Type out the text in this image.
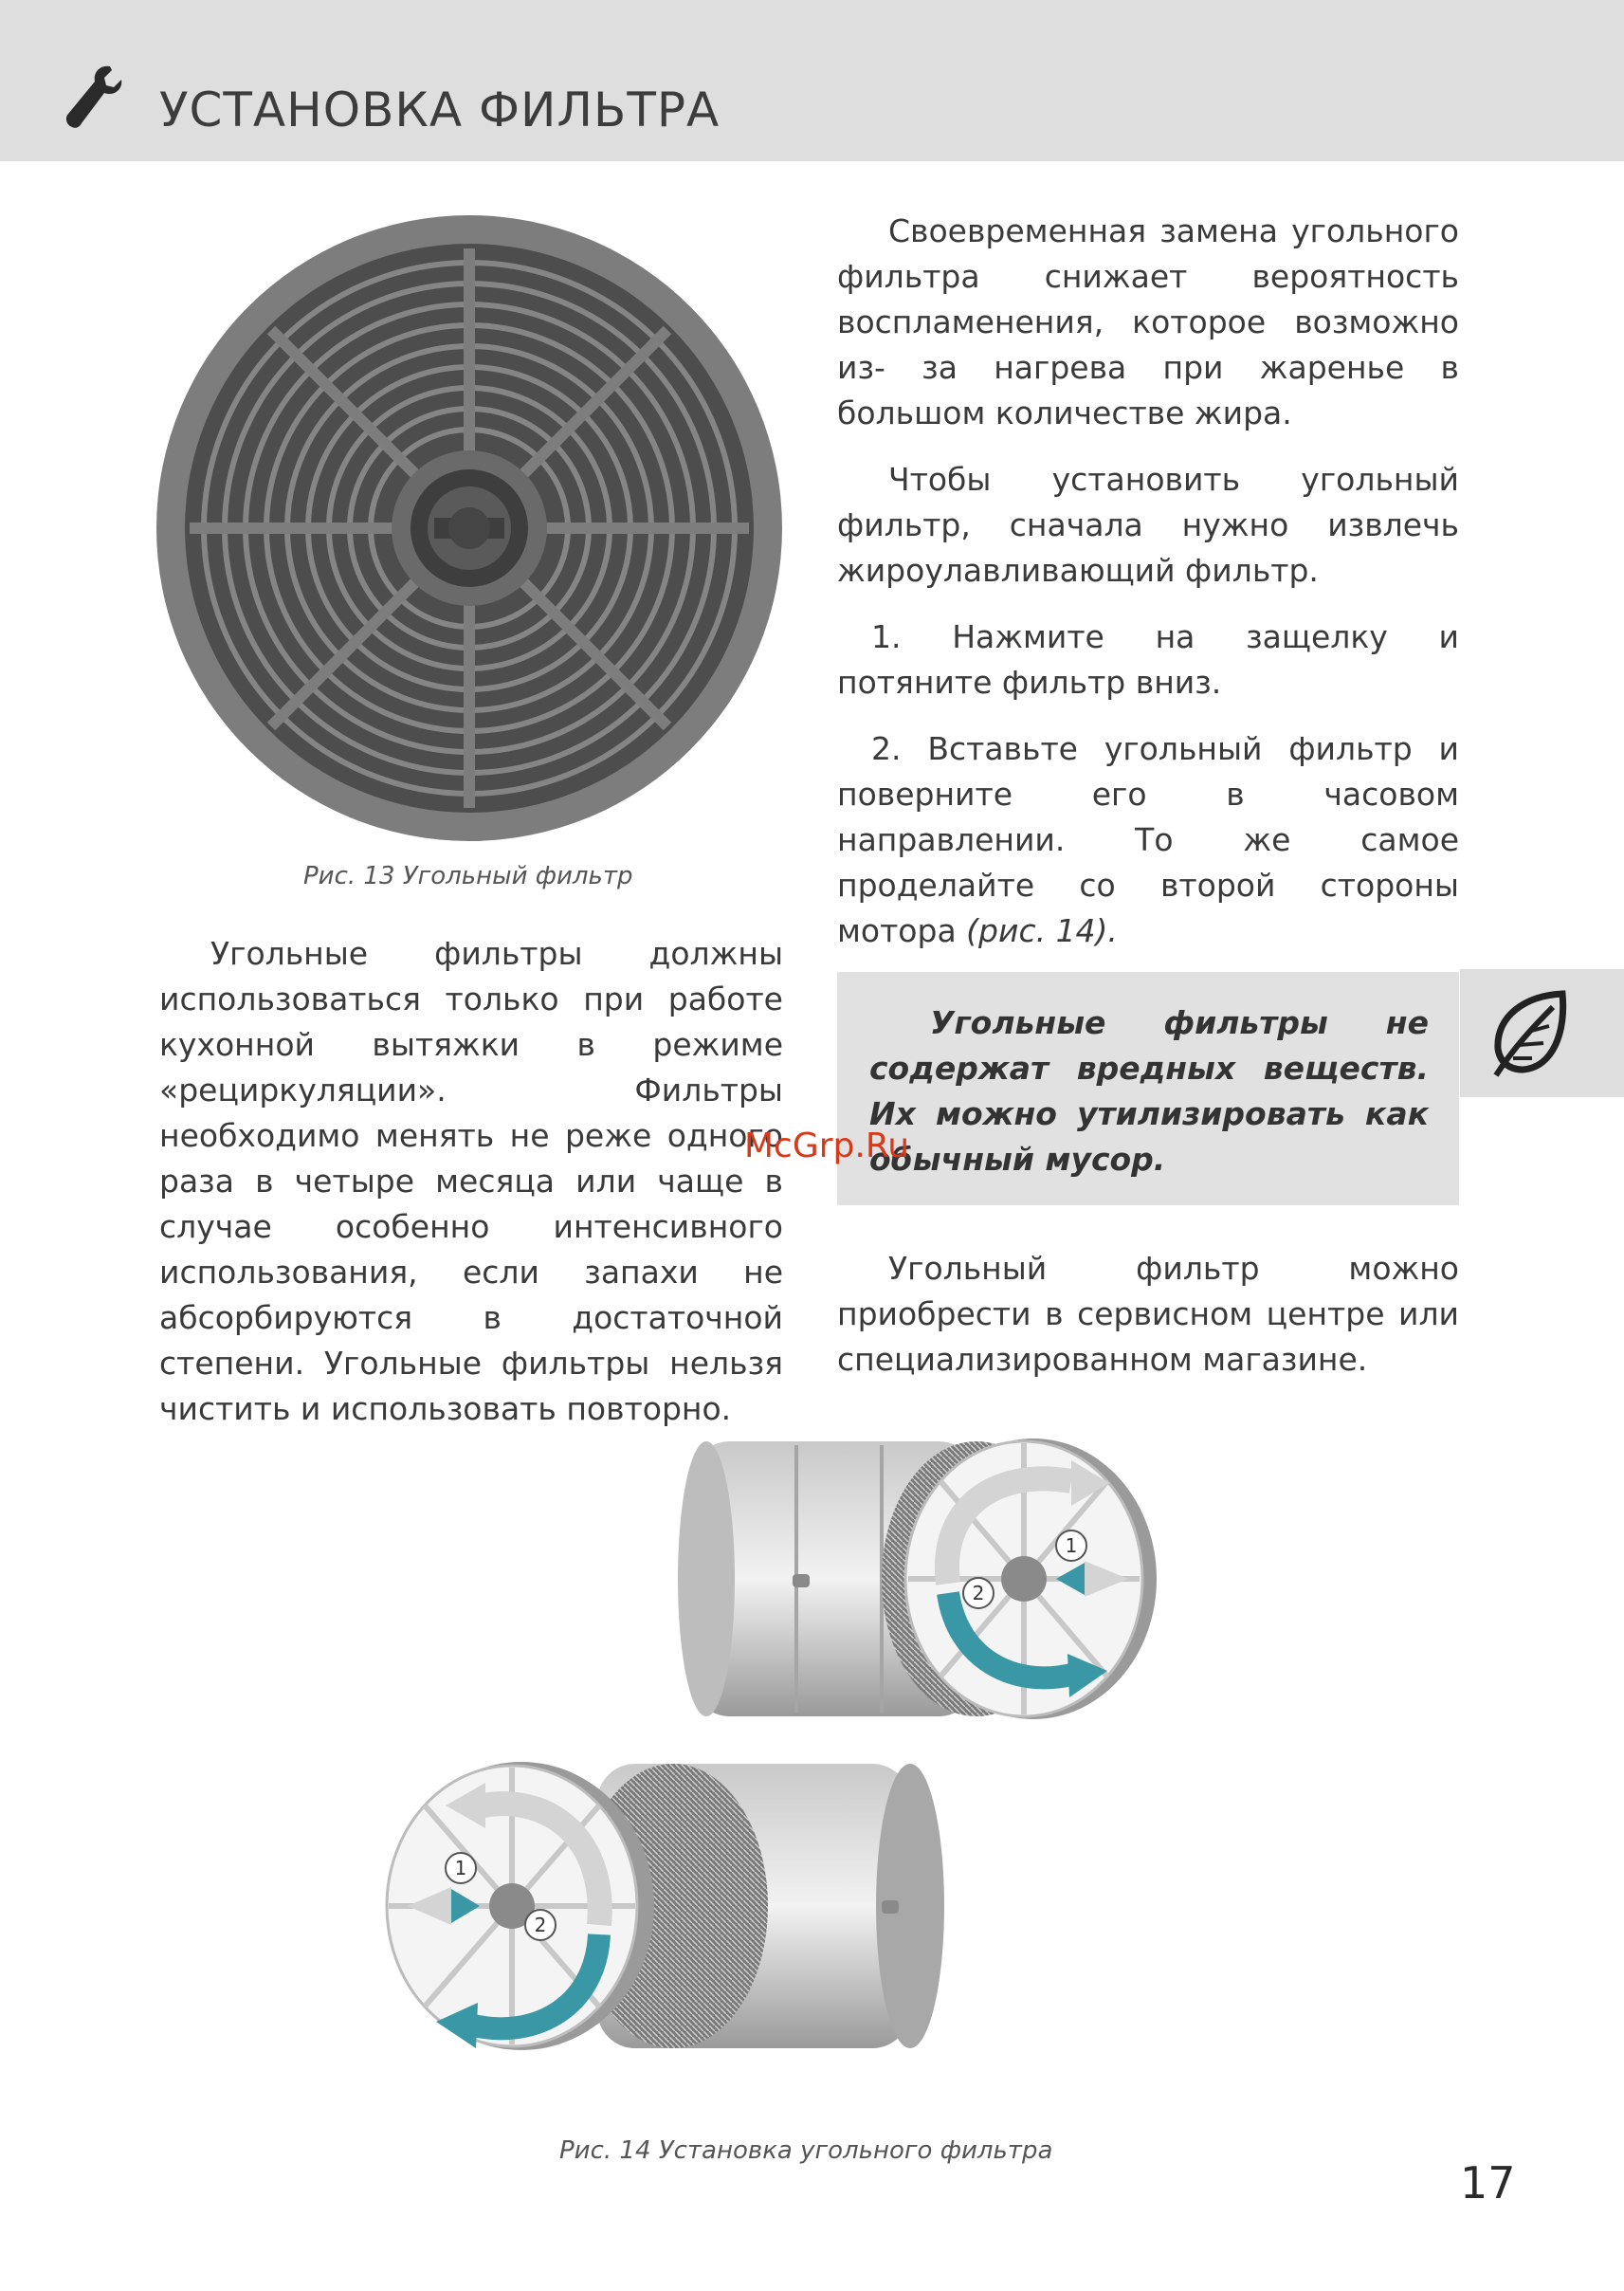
УСТАНОВКА ФИЛЬТРА
Рис. 13 Угольный фильтр

Угольные фильтры должны использоваться только при работе кухонной вытяжки в режиме «рециркуляции». Фильтры необходимо менять не реже одного раза в четыре месяца или чаще в случае особенно интенсивного использования, если запахи не абсорбируются в достаточной степени. Угольные фильтры нельзя чистить и использовать повторно.

Своевременная замена угольного фильтра снижает вероятность воспламенения, которое возможно из- за нагрева при жаренье в большом количестве жира.

Чтобы установить угольный фильтр, сначала нужно извлечь жироулавливающий фильтр.

1. Нажмите на защелку и потяните фильтр вниз.

2. Вставьте угольный фильтр и поверните его в часовом направлении. То же самое проделайте со второй стороны мотора (рис. 14).

Угольные фильтры не содержат вредных веществ. Их можно утилизировать как обычный мусор.
McGrp.Ru

Угольный фильтр можно приобрести в сервисном центре или специализированном магазине.

1
2
1
2
Рис. 14 Установка угольного фильтра
17
